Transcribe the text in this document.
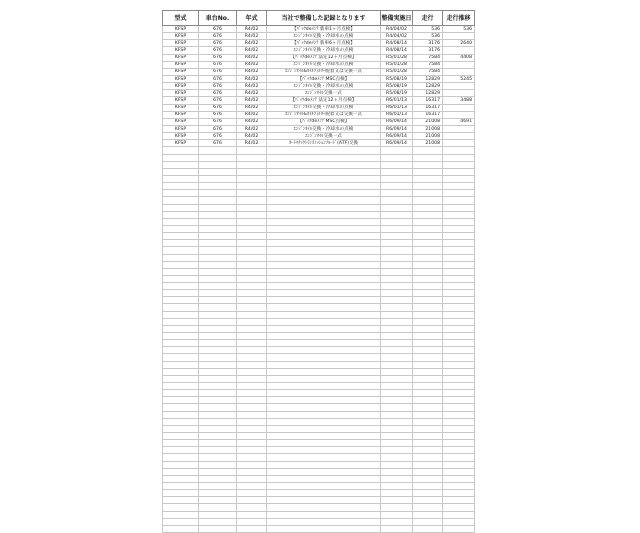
型式	車台No.	年式	当社で整備した記録となります	整備実施日	走行	走行推移
KFSP	676	R4/02	【ﾊﾟｯｸdeﾒﾝﾃ 新車1ヶ月点検】	R4/04/02	536	536
KFSP	676	R4/02	ｴﾝｼﾞﾝｵｲﾙ交換・冷却水の点検	R4/04/02	536	
KFSP	676	R4/02	【ﾊﾟｯｸdeﾒﾝﾃ 新車6ヶ月点検】	R4/08/14	3176	2640
KFSP	676	R4/02	ｴﾝｼﾞﾝｵｲﾙ交換・冷却水の点検	R4/08/14	3176	
KFSP	676	R4/02	【ﾊﾟｯｸdeﾒﾝﾃ 法定12ヶ月点検】	R5/01/28	7584	4408
KFSP	676	R4/02	ｴﾝｼﾞﾝｵｲﾙ交換・冷却水の点検	R5/01/28	7584	
KFSP	676	R4/02	ｴﾝｼﾞﾝｵｲﾙ&ｵｲﾙﾌｨﾙﾀｰ脱着又は交換一式	R5/01/28	7584	
KFSP	676	R4/02	【ﾊﾟｯｸdeﾒﾝﾃ MSC点検】	R5/08/19	12829	5245
KFSP	676	R4/02	ｴﾝｼﾞﾝｵｲﾙ交換・冷却水の点検	R5/08/19	12829	
KFSP	676	R4/02	ｴﾝｼﾞﾝｵｲﾙ交換一式	R5/08/19	12829	
KFSP	676	R4/02	【ﾊﾟｯｸdeﾒﾝﾃ 法定12ヶ月点検】	R6/01/13	16317	3488
KFSP	676	R4/02	ｴﾝｼﾞﾝｵｲﾙ交換・冷却水の点検	R6/01/13	16317	
KFSP	676	R4/02	ｴﾝｼﾞﾝｵｲﾙ&ｵｲﾙﾌｨﾙﾀｰ脱着又は交換一式	R6/01/13	16317	
KFSP	676	R4/02	【ﾊﾟｯｸdeﾒﾝﾃ MSC点検】	R6/09/14	21008	4691
KFSP	676	R4/02	ｴﾝｼﾞﾝｵｲﾙ交換・冷却水の点検	R6/09/14	21008	
KFSP	676	R4/02	ｴﾝｼﾞﾝｵｲﾙ交換一式	R6/09/14	21008	
KFSP	676	R4/02	ｵｰﾄﾏﾁｯｸﾄﾗﾝｽﾐｯｼｮﾝﾌﾙｰﾄﾞ(ATF)交換	R6/09/14	21008	
